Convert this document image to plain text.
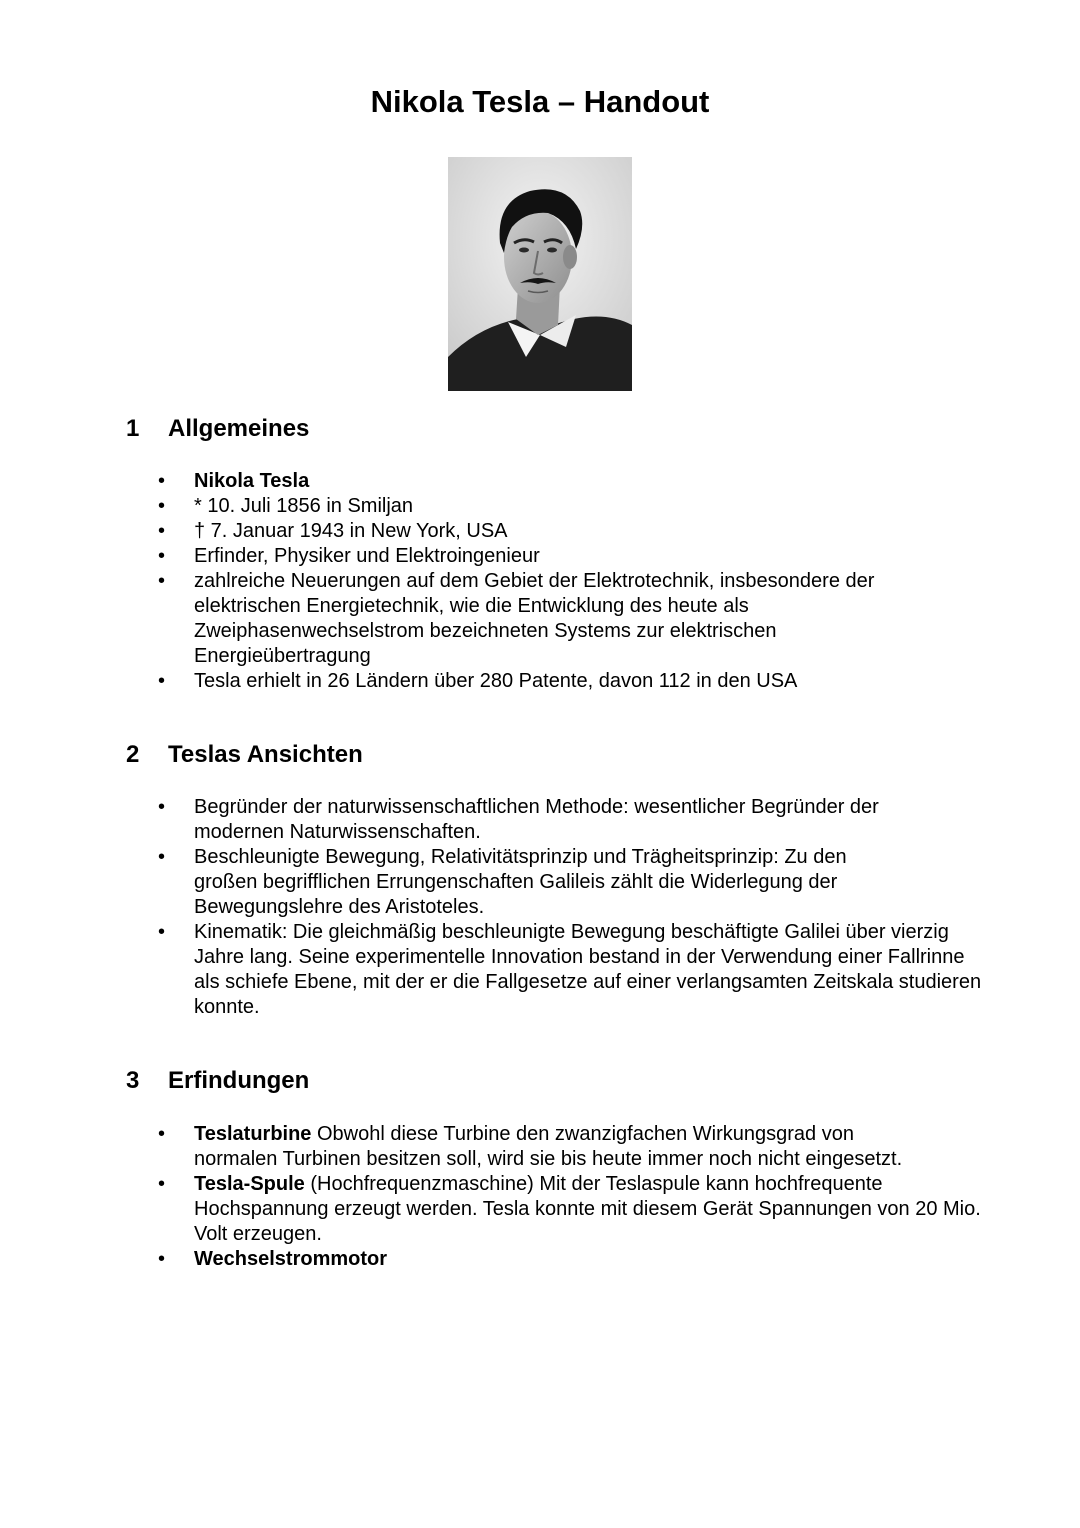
Nikola Tesla – Handout
1 Allgemeines
• Nikola Tesla
• * 10. Juli 1856 in Smiljan
• † 7. Januar 1943 in New York, USA
• Erfinder, Physiker und Elektroingenieur
• zahlreiche Neuerungen auf dem Gebiet der Elektrotechnik, insbesondere der elektrischen Energietechnik, wie die Entwicklung des heute als Zweiphasenwechselstrom bezeichneten Systems zur elektrischen Energieübertragung
• Tesla erhielt in 26 Ländern über 280 Patente, davon 112 in den USA
2 Teslas Ansichten
• Begründer der naturwissenschaftlichen Methode: wesentlicher Begründer der modernen Naturwissenschaften.
• Beschleunigte Bewegung, Relativitätsprinzip und Trägheitsprinzip: Zu den großen begrifflichen Errungenschaften Galileis zählt die Widerlegung der Bewegungslehre des Aristoteles.
• Kinematik: Die gleichmäßig beschleunigte Bewegung beschäftigte Galilei über vierzig Jahre lang. Seine experimentelle Innovation bestand in der Verwendung einer Fallrinne als schiefe Ebene, mit der er die Fallgesetze auf einer verlangsamten Zeitskala studieren konnte.
3 Erfindungen
• Teslaturbine Obwohl diese Turbine den zwanzigfachen Wirkungsgrad von normalen Turbinen besitzen soll, wird sie bis heute immer noch nicht eingesetzt.
• Tesla-Spule (Hochfrequenzmaschine) Mit der Teslaspule kann hochfrequente Hochspannung erzeugt werden. Tesla konnte mit diesem Gerät Spannungen von 20 Mio. Volt erzeugen.
• Wechselstrommotor
